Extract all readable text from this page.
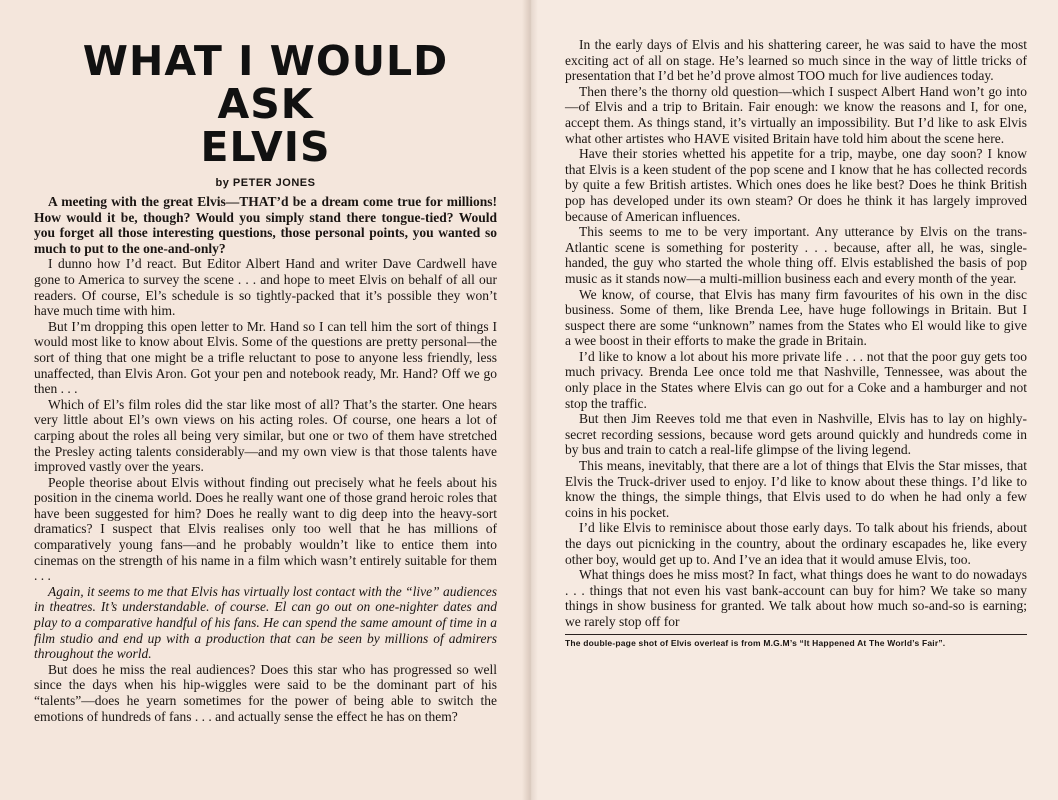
WHAT I WOULD ASK
ELVIS
by PETER JONES

A meeting with the great Elvis—THAT’d be a dream come true for millions! How would it be, though? Would you simply stand there tongue-tied? Would you forget all those interesting questions, those personal points, you wanted so much to put to the one-and-only?

I dunno how I’d react. But Editor Albert Hand and writer Dave Cardwell have gone to America to survey the scene . . . and hope to meet Elvis on behalf of all our readers. Of course, El’s schedule is so tightly-packed that it’s possible they won’t have much time with him.

But I’m dropping this open letter to Mr. Hand so I can tell him the sort of things I would most like to know about Elvis. Some of the questions are pretty personal—the sort of thing that one might be a trifle reluctant to pose to anyone less friendly, less unaffected, than Elvis Aron. Got your pen and notebook ready, Mr. Hand? Off we go then . . .

Which of El’s film roles did the star like most of all? That’s the starter. One hears very little about El’s own views on his acting roles. Of course, one hears a lot of carping about the roles all being very similar, but one or two of them have stretched the Presley acting talents considerably—and my own view is that those talents have improved vastly over the years.

People theorise about Elvis without finding out precisely what he feels about his position in the cinema world. Does he really want one of those grand heroic roles that have been suggested for him? Does he really want to dig deep into the heavy-sort dramatics? I suspect that Elvis realises only too well that he has millions of comparatively young fans—and he probably wouldn’t like to entice them into cinemas on the strength of his name in a film which wasn’t entirely suitable for them . . .

Again, it seems to me that Elvis has virtually lost contact with the “live” audiences in theatres. It’s understandable. of course. El can go out on one-nighter dates and play to a comparative handful of his fans. He can spend the same amount of time in a film studio and end up with a production that can be seen by millions of admirers throughout the world.

But does he miss the real audiences? Does this star who has progressed so well since the days when his hip-wiggles were said to be the dominant part of his “talents”—does he yearn sometimes for the power of being able to switch the emotions of hundreds of fans . . . and actually sense the effect he has on them?

In the early days of Elvis and his shattering career, he was said to have the most exciting act of all on stage. He’s learned so much since in the way of little tricks of presentation that I’d bet he’d prove almost TOO much for live audiences today.

Then there’s the thorny old question—which I suspect Albert Hand won’t go into—of Elvis and a trip to Britain. Fair enough: we know the reasons and I, for one, accept them. As things stand, it’s virtually an impossibility. But I’d like to ask Elvis what other artistes who HAVE visited Britain have told him about the scene here.

Have their stories whetted his appetite for a trip, maybe, one day soon? I know that Elvis is a keen student of the pop scene and I know that he has collected records by quite a few British artistes. Which ones does he like best? Does he think British pop has developed under its own steam? Or does he think it has largely improved because of American influences.

This seems to me to be very important. Any utterance by Elvis on the trans-Atlantic scene is something for posterity . . . because, after all, he was, single-handed, the guy who started the whole thing off. Elvis established the basis of pop music as it stands now—a multi-million business each and every month of the year.

We know, of course, that Elvis has many firm favourites of his own in the disc business. Some of them, like Brenda Lee, have huge followings in Britain. But I suspect there are some “unknown” names from the States who El would like to give a wee boost in their efforts to make the grade in Britain.

I’d like to know a lot about his more private life . . . not that the poor guy gets too much privacy. Brenda Lee once told me that Nashville, Tennessee, was about the only place in the States where Elvis can go out for a Coke and a hamburger and not stop the traffic.

But then Jim Reeves told me that even in Nashville, Elvis has to lay on highly-secret recording sessions, because word gets around quickly and hundreds come in by bus and train to catch a real-life glimpse of the living legend.

This means, inevitably, that there are a lot of things that Elvis the Star misses, that Elvis the Truck-driver used to enjoy. I’d like to know about these things. I’d like to know the things, the simple things, that Elvis used to do when he had only a few coins in his pocket.

I’d like Elvis to reminisce about those early days. To talk about his friends, about the days out picnicking in the country, about the ordinary escapades he, like every other boy, would get up to. And I’ve an idea that it would amuse Elvis, too.

What things does he miss most? In fact, what things does he want to do nowadays . . . things that not even his vast bank-account can buy for him? We take so many things in show business for granted. We talk about how much so-and-so is earning; we rarely stop off for

The double-page shot of Elvis overleaf is from M.G.M’s “It Happened At The World’s Fair”.
